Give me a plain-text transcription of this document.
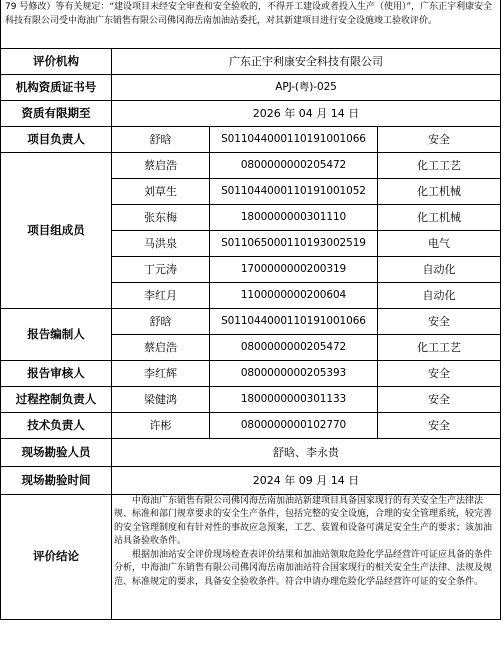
79 号修改）等有关规定：“建设项目未经安全审查和安全验收的，不得开工建设或者投入生产（使用）”，广东正宇利康安全科技有限公司受中海油广东销售有限公司佛冈海岳南加油站委托，对其新建项目进行安全设施竣工验收评价。			
评价机构	广东正宇利康安全科技有限公司		
机构资质证书号	APJ-(粤)-025		
资质有限期至	2026 年 04 月 14 日		
项目负责人	舒晗	S011044000110191001066	安全
项目组成员	蔡启浩	0800000000205472	化工工艺
	刘草生	S011044000110191001052	化工机械
	张东梅	1800000000301110	化工机械
	马洪泉	S011065000110193002519	电气
	丁元涛	1700000000200319	自动化
	李红月	1100000000200604	自动化
报告编制人	舒晗	S011044000110191001066	安全
	蔡启浩	0800000000205472	化工工艺
报告审核人	李红辉	0800000000205393	安全
过程控制负责人	梁健鸿	1800000000301133	安全
技术负责人	许彬	0800000000102770	安全
现场勘验人员	舒晗、李永贵		
现场勘验时间	2024 年 09 月 14 日		
评价结论	中海油广东销售有限公司佛冈海岳南加油站新建项目具备国家现行的有关安全生产法律法规、标准和部门规章要求的安全生产条件，包括完整的安全设施，合理的安全管理系统，较完善的安全管理制度和有针对性的事故应急预案，工艺、装置和设备可满足安全生产的要求；该加油站具备验收条件。

根据加油站安全评价现场检查表评价结果和加油站领取危险化学品经营许可证应具备的条件分析，中海油广东销售有限公司佛冈海岳南加油站符合国家现行的相关安全生产法律、法规及规范、标准规定的要求，具备安全验收条件。符合申请办理危险化学品经营许可证的安全条件。		
